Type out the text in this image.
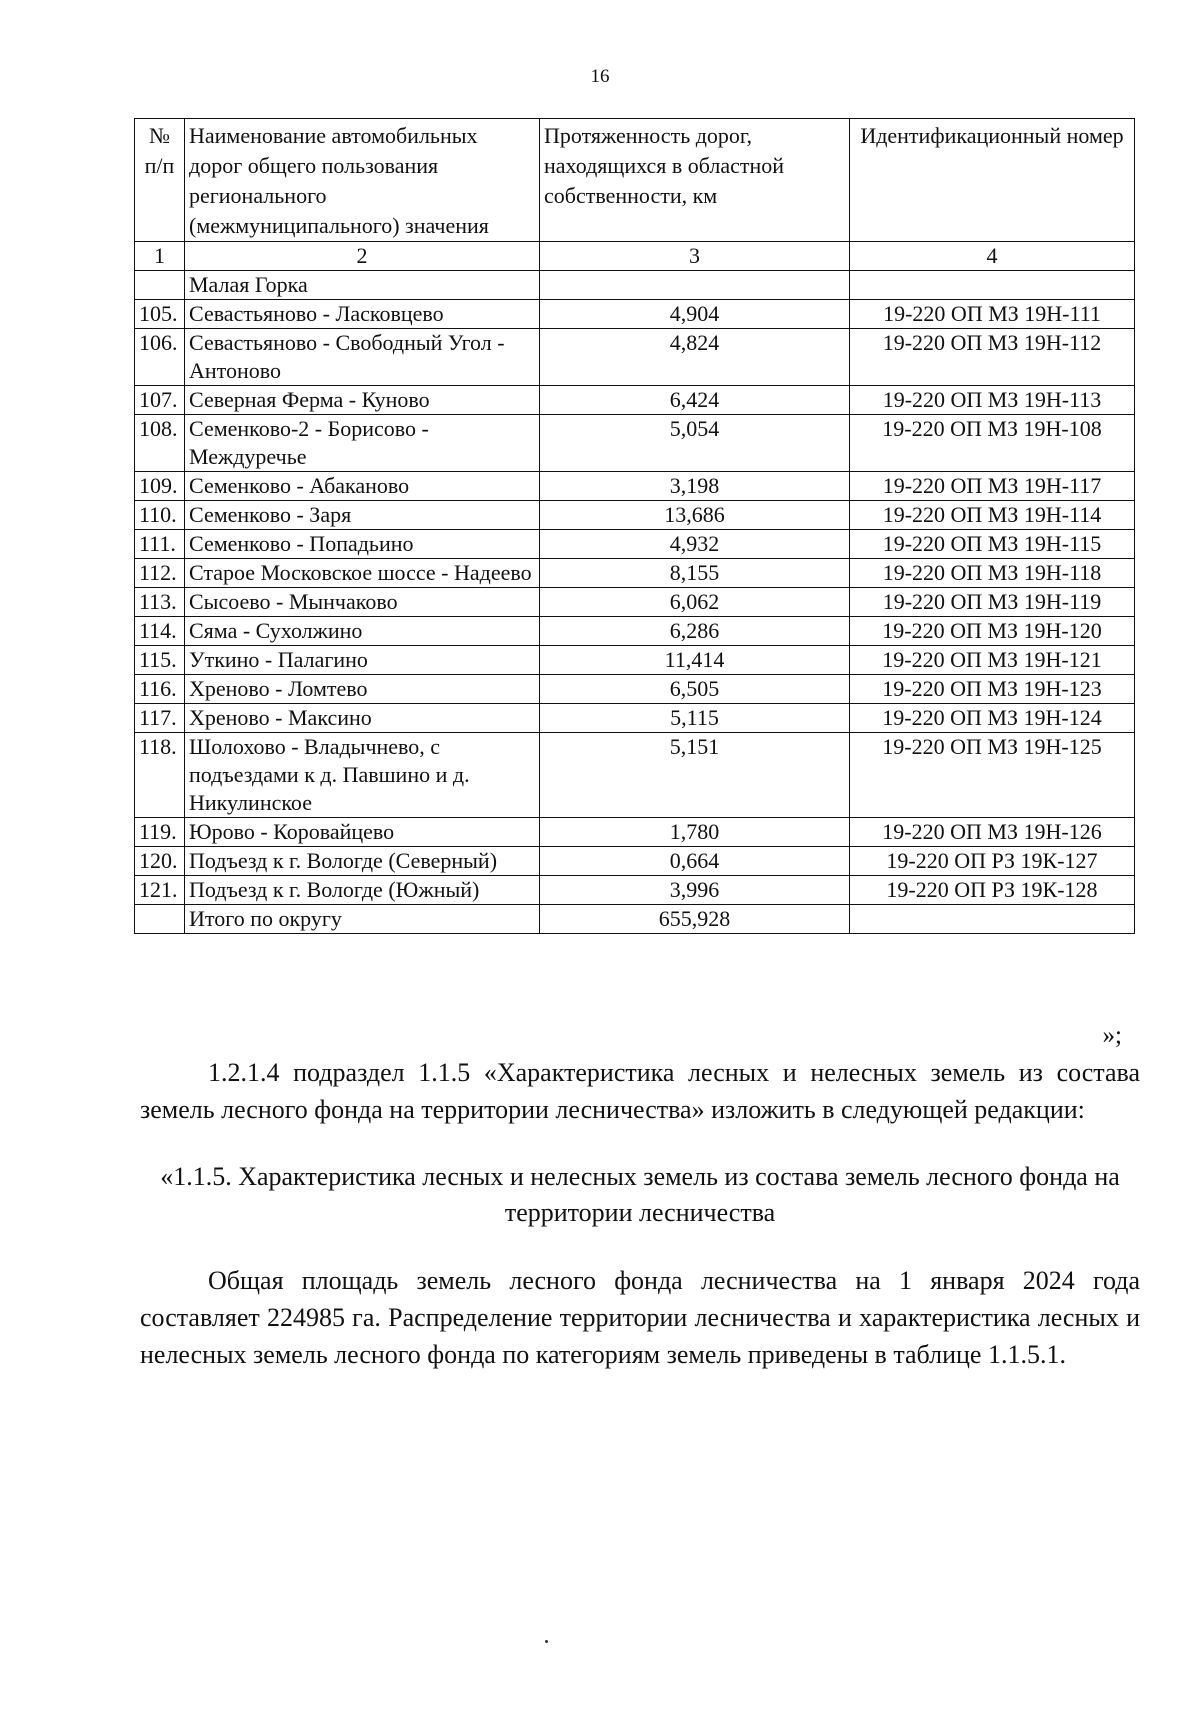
16
№ п/п	Наименование автомобильных дорог общего пользования регионального (межмуниципального) значения	Протяженность дорог, находящихся в областной собственности, км	Идентификационный номер
1	2	3	4
	Малая Горка		
105.	Севастьяново - Ласковцево	4,904	19-220 ОП МЗ 19Н-111
106.	Севастьяново - Свободный Угол - Антоново	4,824	19-220 ОП МЗ 19Н-112
107.	Северная Ферма - Куново	6,424	19-220 ОП МЗ 19Н-113
108.	Семенково-2 - Борисово - Междуречье	5,054	19-220 ОП МЗ 19Н-108
109.	Семенково - Абаканово	3,198	19-220 ОП МЗ 19Н-117
110.	Семенково - Заря	13,686	19-220 ОП МЗ 19Н-114
111.	Семенково - Попадьино	4,932	19-220 ОП МЗ 19Н-115
112.	Старое Московское шоссе - Надеево	8,155	19-220 ОП МЗ 19Н-118
113.	Сысоево - Мынчаково	6,062	19-220 ОП МЗ 19Н-119
114.	Сяма - Сухолжино	6,286	19-220 ОП МЗ 19Н-120
115.	Уткино - Палагино	11,414	19-220 ОП МЗ 19Н-121
116.	Хреново - Ломтево	6,505	19-220 ОП МЗ 19Н-123
117.	Хреново - Максино	5,115	19-220 ОП МЗ 19Н-124
118.	Шолохово - Владычнево, с подъездами к д. Павшино и д. Никулинское	5,151	19-220 ОП МЗ 19Н-125
119.	Юрово - Коровайцево	1,780	19-220 ОП МЗ 19Н-126
120.	Подъезд к г. Вологде (Северный)	0,664	19-220 ОП РЗ 19К-127
121.	Подъезд к г. Вологде (Южный)	3,996	19-220 ОП РЗ 19К-128
	Итого по округу	655,928	
»;
1.2.1.4 подраздел 1.1.5 «Характеристика лесных и нелесных земель из состава земель лесного фонда на территории лесничества» изложить в следующей редакции:
«1.1.5. Характеристика лесных и нелесных земель из состава земель лесного фонда на территории лесничества
Общая площадь земель лесного фонда лесничества на 1 января 2024 года составляет 224985 га. Распределение территории лесничества и характеристика лесных и нелесных земель лесного фонда по категориям земель приведены в таблице 1.1.5.1.
